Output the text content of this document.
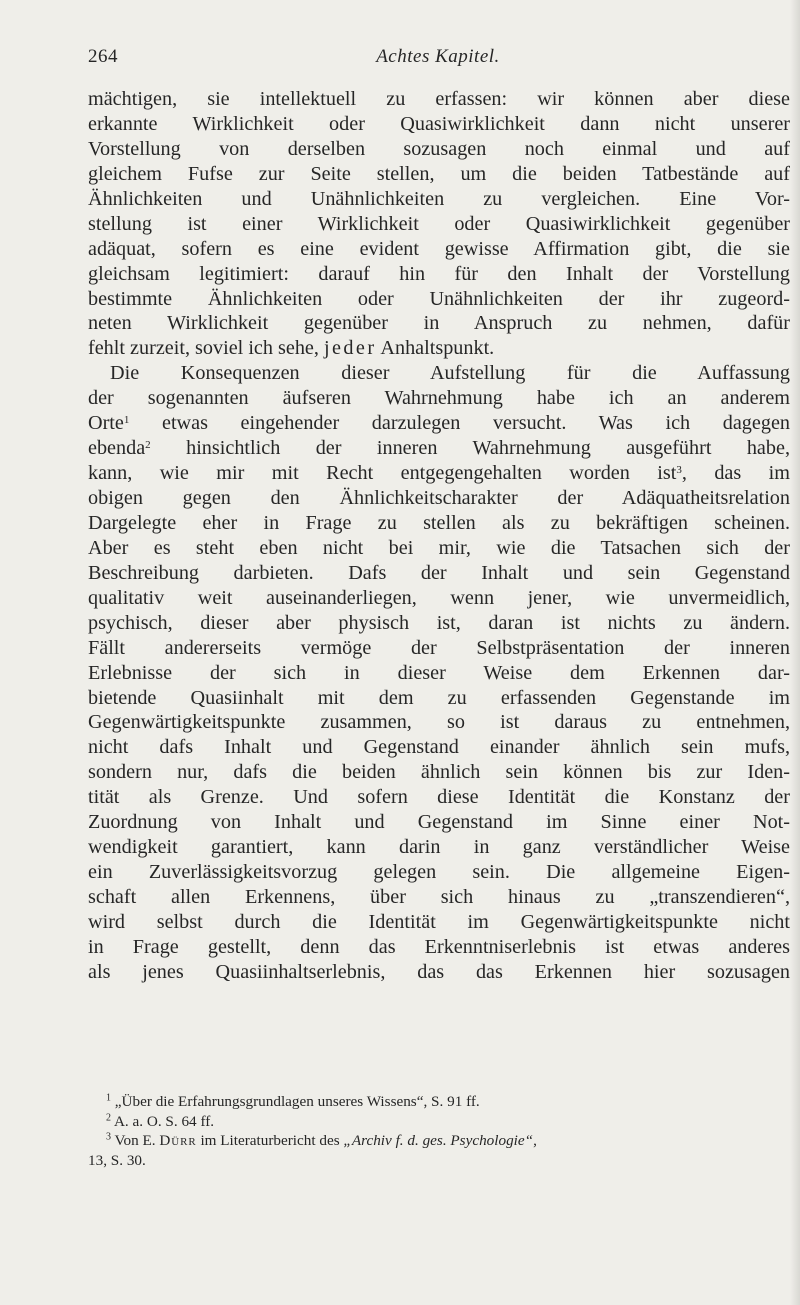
264	Achtes Kapitel.
mächtigen, sie intellektuell zu erfassen: wir können aber diese
erkannte Wirklichkeit oder Quasiwirklichkeit dann nicht unserer
Vorstellung von derselben sozusagen noch einmal und auf
gleichem Fufse zur Seite stellen, um die beiden Tatbestände auf
Ähnlichkeiten und Unähnlichkeiten zu vergleichen. Eine Vor-
stellung ist einer Wirklichkeit oder Quasiwirklichkeit gegenüber
adäquat, sofern es eine evident gewisse Affirmation gibt, die sie
gleichsam legitimiert: darauf hin für den Inhalt der Vorstellung
bestimmte Ähnlichkeiten oder Unähnlichkeiten der ihr zugeord-
neten Wirklichkeit gegenüber in Anspruch zu nehmen, dafür
fehlt zurzeit, soviel ich sehe, jeder Anhaltspunkt.
Die Konsequenzen dieser Aufstellung für die Auffassung
der sogenannten äufseren Wahrnehmung habe ich an anderem
Orte$^1$ etwas eingehender darzulegen versucht. Was ich dagegen
ebenda$^2$ hinsichtlich der inneren Wahrnehmung ausgeführt habe,
kann, wie mir mit Recht entgegengehalten worden ist$^3$, das im
obigen gegen den Ähnlichkeitscharakter der Adäquatheitsrelation
Dargelegte eher in Frage zu stellen als zu bekräftigen scheinen.
Aber es steht eben nicht bei mir, wie die Tatsachen sich der
Beschreibung darbieten. Dafs der Inhalt und sein Gegenstand
qualitativ weit auseinanderliegen, wenn jener, wie unvermeidlich,
psychisch, dieser aber physisch ist, daran ist nichts zu ändern.
Fällt andererseits vermöge der Selbstpräsentation der inneren
Erlebnisse der sich in dieser Weise dem Erkennen dar-
bietende Quasiinhalt mit dem zu erfassenden Gegenstande im
Gegenwärtigkeitspunkte zusammen, so ist daraus zu entnehmen,
nicht dafs Inhalt und Gegenstand einander ähnlich sein mufs,
sondern nur, dafs die beiden ähnlich sein können bis zur Iden-
tität als Grenze. Und sofern diese Identität die Konstanz der
Zuordnung von Inhalt und Gegenstand im Sinne einer Not-
wendigkeit garantiert, kann darin in ganz verständlicher Weise
ein Zuverlässigkeitsvorzug gelegen sein. Die allgemeine Eigen-
schaft allen Erkennens, über sich hinaus zu „transzendieren“,
wird selbst durch die Identität im Gegenwärtigkeitspunkte nicht
in Frage gestellt, denn das Erkenntniserlebnis ist etwas anderes
als jenes Quasiinhaltserlebnis, das das Erkennen hier sozusagen
$^1$ „Über die Erfahrungsgrundlagen unseres Wissens“, S. 91 ff.
$^2$ A. a. O. S. 64 ff.
$^3$ Von E. Dürr im Literaturbericht des „Archiv f. d. ges. Psychologie“,
13, S. 30.
